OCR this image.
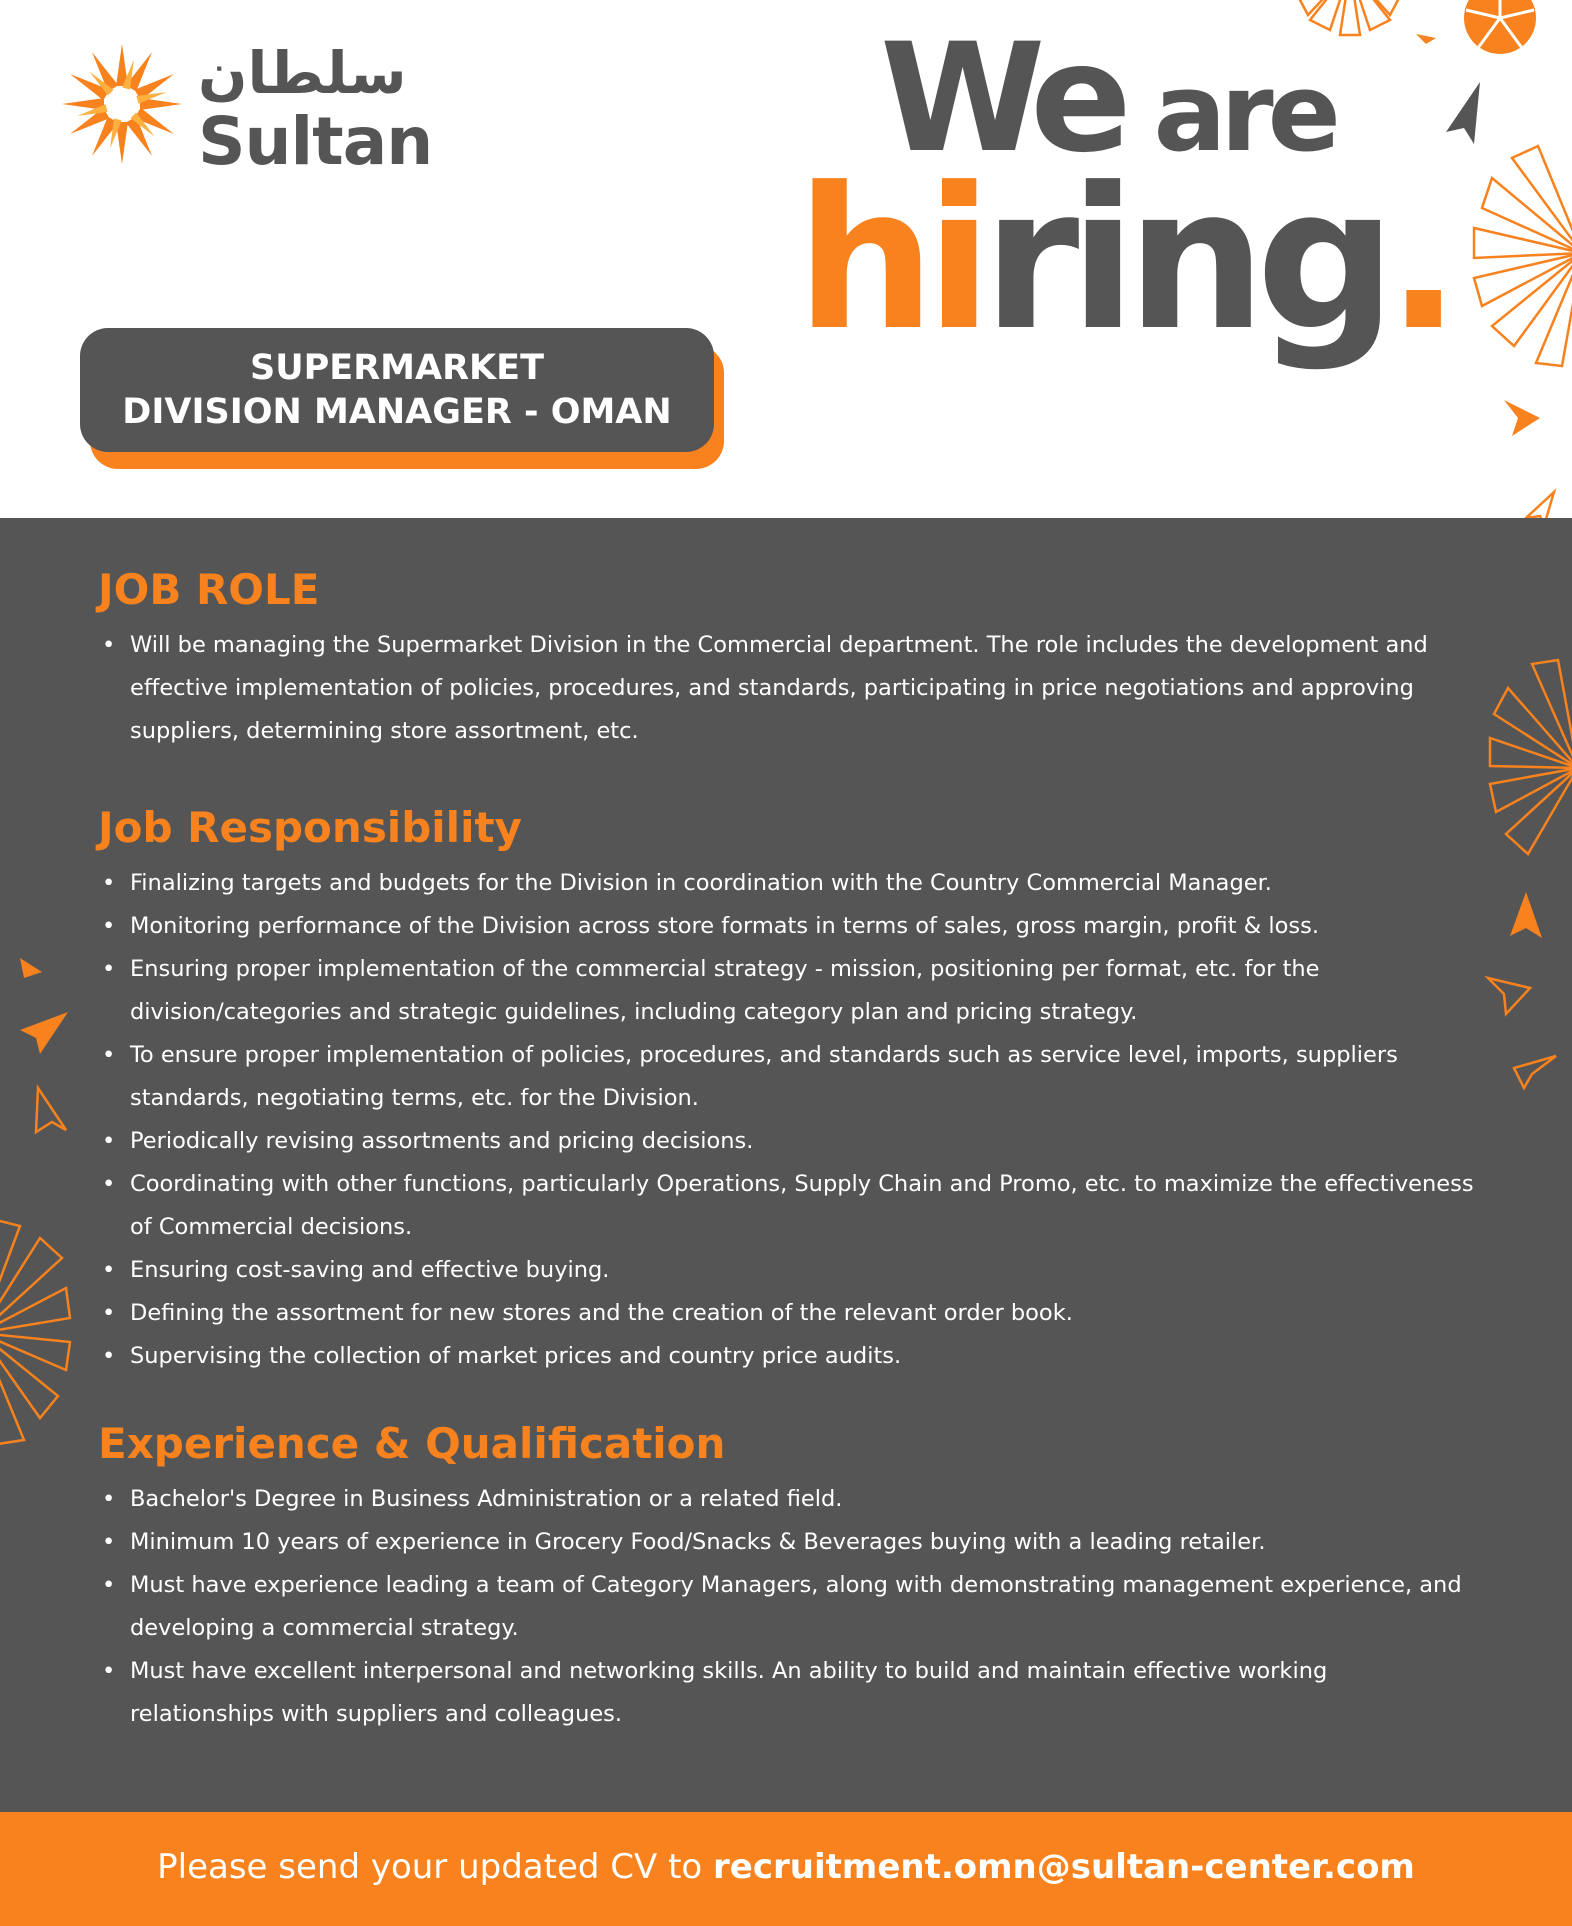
سلطان
Sultan	We are
hiring.
SUPERMARKET
DIVISION MANAGER - OMAN
JOB ROLE
• Will be managing the Supermarket Division in the Commercial department. The role includes the development and effective implementation of policies, procedures, and standards, participating in price negotiations and approving suppliers, determining store assortment, etc.
Job Responsibility
• Finalizing targets and budgets for the Division in coordination with the Country Commercial Manager.
• Monitoring performance of the Division across store formats in terms of sales, gross margin, profit & loss.
• Ensuring proper implementation of the commercial strategy - mission, positioning per format, etc. for the division/categories and strategic guidelines, including category plan and pricing strategy.
• To ensure proper implementation of policies, procedures, and standards such as service level, imports, suppliers standards, negotiating terms, etc. for the Division.
• Periodically revising assortments and pricing decisions.
• Coordinating with other functions, particularly Operations, Supply Chain and Promo, etc. to maximize the effectiveness of Commercial decisions.
• Ensuring cost-saving and effective buying.
• Defining the assortment for new stores and the creation of the relevant order book.
• Supervising the collection of market prices and country price audits.
Experience & Qualification
• Bachelor's Degree in Business Administration or a related field.
• Minimum 10 years of experience in Grocery Food/Snacks & Beverages buying with a leading retailer.
• Must have experience leading a team of Category Managers, along with demonstrating management experience, and developing a commercial strategy.
• Must have excellent interpersonal and networking skills. An ability to build and maintain effective working relationships with suppliers and colleagues.
Please send your updated CV to recruitment.omn@sultan-center.com
